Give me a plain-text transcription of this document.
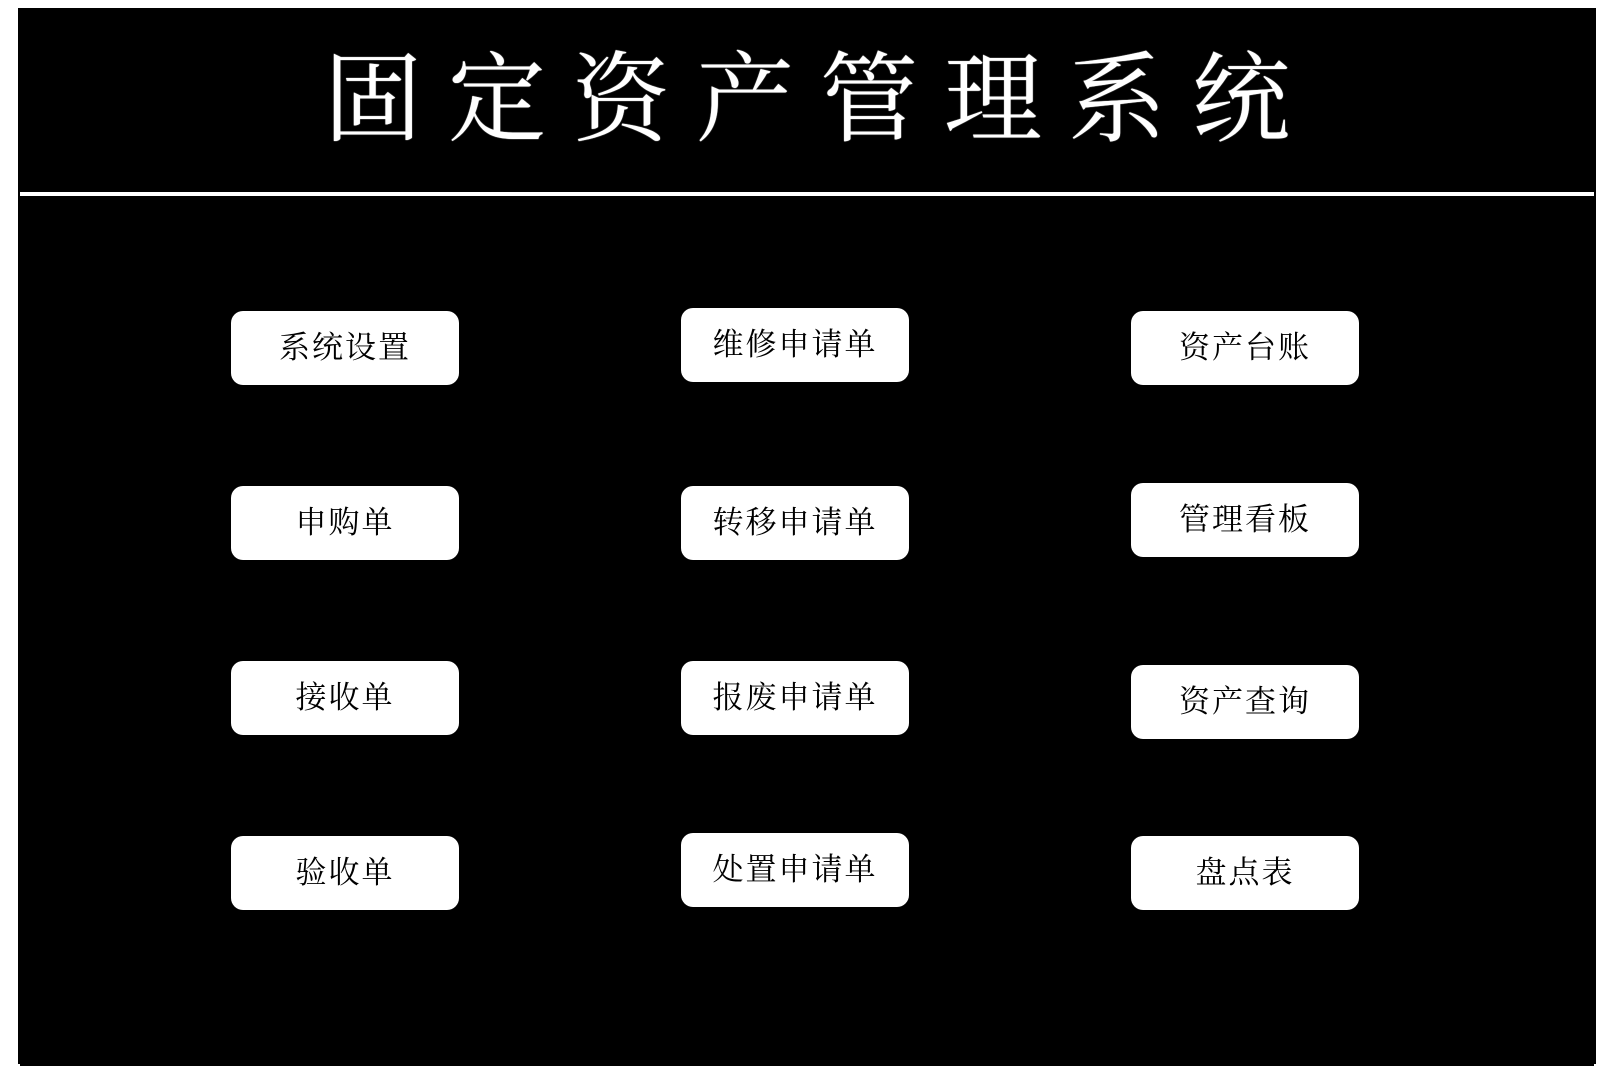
固定资产管理系统
系统设置	维修申请单	资产台账
申购单	转移申请单	管理看板
接收单	报废申请单	资产查询
验收单	处置申请单	盘点表
